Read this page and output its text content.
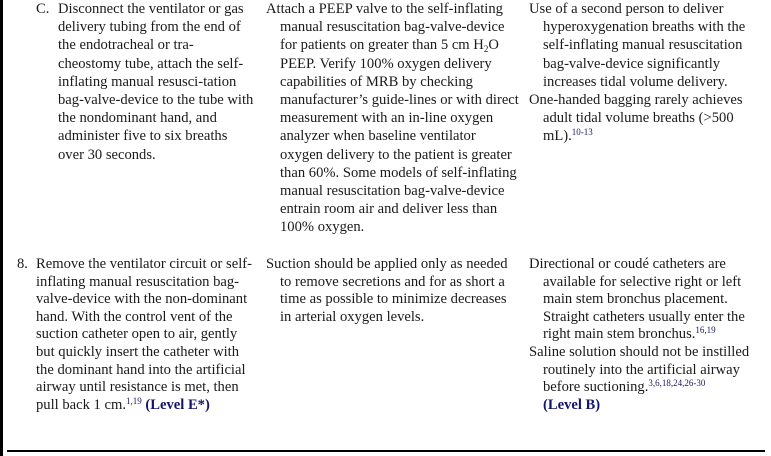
C. Disconnect the ventilator or gas delivery tubing from the end of the endotracheal or tra-cheostomy tube, attach the self-inflating manual resusci-tation bag-valve-device to the tube with the nondominant hand, and administer five to six breaths over 30 seconds.

Attach a PEEP valve to the self-inflating manual resuscitation bag-valve-device for patients on greater than 5 cm $H_2O$ PEEP. Verify 100% oxygen delivery capabilities of MRB by checking manufacturer’s guide-lines or with direct measurement with an in-line oxygen analyzer when baseline ventilator oxygen delivery to the patient is greater than 60%. Some models of self-inflating manual resuscitation bag-valve-device entrain room air and deliver less than 100% oxygen.

Use of a second person to deliver hyperoxygenation breaths with the self-inflating manual resuscitation bag-valve-device significantly increases tidal volume delivery.

One-handed bagging rarely achieves adult tidal volume breaths (>500 mL).$^{10-13}$

8. Remove the ventilator circuit or self-inflating manual resuscitation bag-valve-device with the non-dominant hand. With the control vent of the suction catheter open to air, gently but quickly insert the catheter with the dominant hand into the artificial airway until resistance is met, then pull back 1 cm.$^{1,19}$ (Level E*)

Suction should be applied only as needed to remove secretions and for as short a time as possible to minimize decreases in arterial oxygen levels.

Directional or coudé catheters are available for selective right or left main stem bronchus placement. Straight catheters usually enter the right main stem bronchus.$^{16,19}$

Saline solution should not be instilled routinely into the artificial airway before suctioning.$^{3,6,18,24,26-30}$
(Level B)
